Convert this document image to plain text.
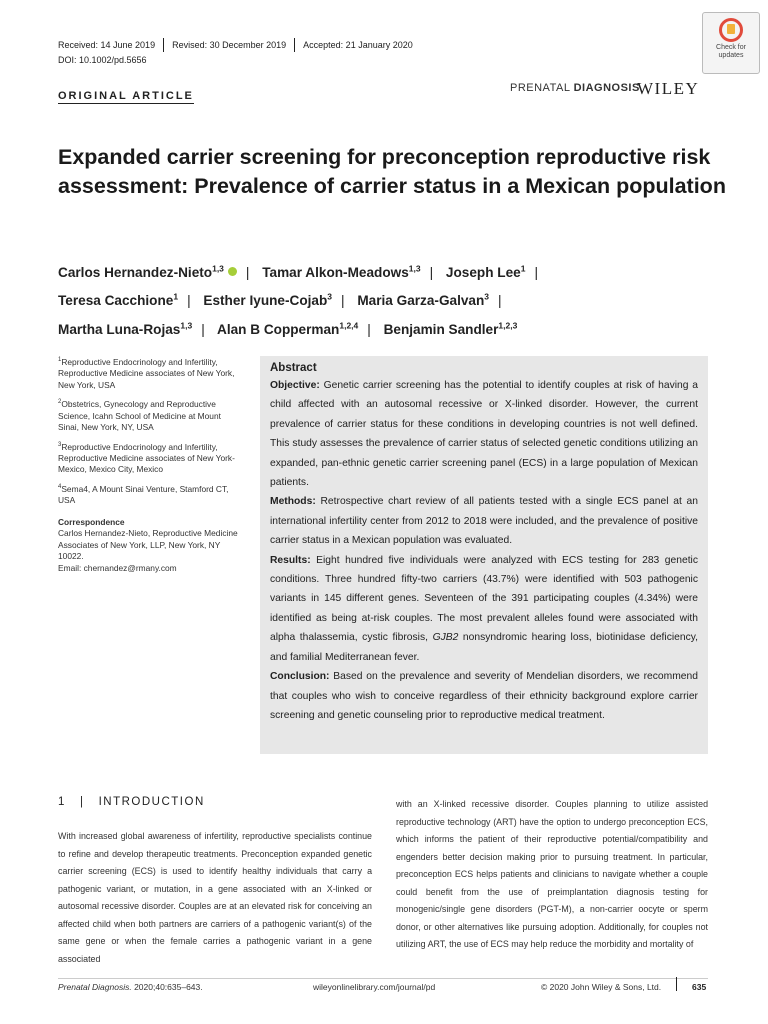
Received: 14 June 2019 Revised: 30 December 2019 Accepted: 21 January 2020
DOI: 10.1002/pd.5656
Check for
updates
ORIGINAL ARTICLE
PRENATAL DIAGNOSIS
WILEY
Expanded carrier screening for preconception reproductive risk assessment: Prevalence of carrier status in a Mexican population
Carlos Hernandez-Nieto$^{1,3}$ | Tamar Alkon-Meadows$^{1,3}$ | Joseph Lee$^1$ |
Teresa Cacchione$^1$ | Esther Iyune-Cojab$^3$ | Maria Garza-Galvan$^3$ |
Martha Luna-Rojas$^{1,3}$ | Alan B Copperman$^{1,2,4}$ | Benjamin Sandler$^{1,2,3}$

$^1$Reproductive Endocrinology and Infertility, Reproductive Medicine associates of New York, New York, USA

$^2$Obstetrics, Gynecology and Reproductive Science, Icahn School of Medicine at Mount Sinai, New York, NY, USA

$^3$Reproductive Endocrinology and Infertility, Reproductive Medicine associates of New York-Mexico, Mexico City, Mexico

$^4$Sema4, A Mount Sinai Venture, Stamford CT, USA

Correspondence

Carlos Hernandez-Nieto, Reproductive Medicine Associates of New York, LLP, New York, NY 10022.

Email: chernandez@rmany.com

Abstract

Objective: Genetic carrier screening has the potential to identify couples at risk of having a child affected with an autosomal recessive or X-linked disorder. However, the current prevalence of carrier status for these conditions in developing countries is not well defined. This study assesses the prevalence of carrier status of selected genetic conditions utilizing an expanded, pan-ethnic genetic carrier screening panel (ECS) in a large population of Mexican patients.

Methods: Retrospective chart review of all patients tested with a single ECS panel at an international infertility center from 2012 to 2018 were included, and the prevalence of positive carrier status in a Mexican population was evaluated.

Results: Eight hundred five individuals were analyzed with ECS testing for 283 genetic conditions. Three hundred fifty-two carriers (43.7%) were identified with 503 pathogenic variants in 145 different genes. Seventeen of the 391 participating couples (4.34%) were identified as being at-risk couples. The most prevalent alleles found were associated with alpha thalassemia, cystic fibrosis, GJB2 nonsyndromic hearing loss, biotinidase deficiency, and familial Mediterranean fever.

Conclusion: Based on the prevalence and severity of Mendelian disorders, we recommend that couples who wish to conceive regardless of their ethnicity background explore carrier screening and genetic counseling prior to reproductive medical treatment.

1 | INTRODUCTION
With increased global awareness of infertility, reproductive specialists continue to refine and develop therapeutic treatments. Preconception expanded genetic carrier screening (ECS) is used to identify healthy individuals that carry a pathogenic variant, or mutation, in a gene associated with an X-linked or autosomal recessive disorder. Couples are at an elevated risk for conceiving an affected child when both partners are carriers of a pathogenic variant(s) of the same gene or when the female carries a pathogenic variant in a gene associated
with an X-linked recessive disorder. Couples planning to utilize assisted reproductive technology (ART) have the option to undergo preconception ECS, which informs the patient of their reproductive potential/compatibility and engenders better decision making prior to pursuing treatment. In particular, preconception ECS helps patients and clinicians to navigate whether a couple could benefit from the use of preimplantation diagnosis testing for monogenic/single gene disorders (PGT-M), a non-carrier oocyte or sperm donor, or other alternatives like pursuing adoption. Additionally, for couples not utilizing ART, the use of ECS may help reduce the morbidity and mortality of
Prenatal Diagnosis. 2020;40:635–643.	wileyonlinelibrary.com/journal/pd	© 2020 John Wiley & Sons, Ltd.	635
